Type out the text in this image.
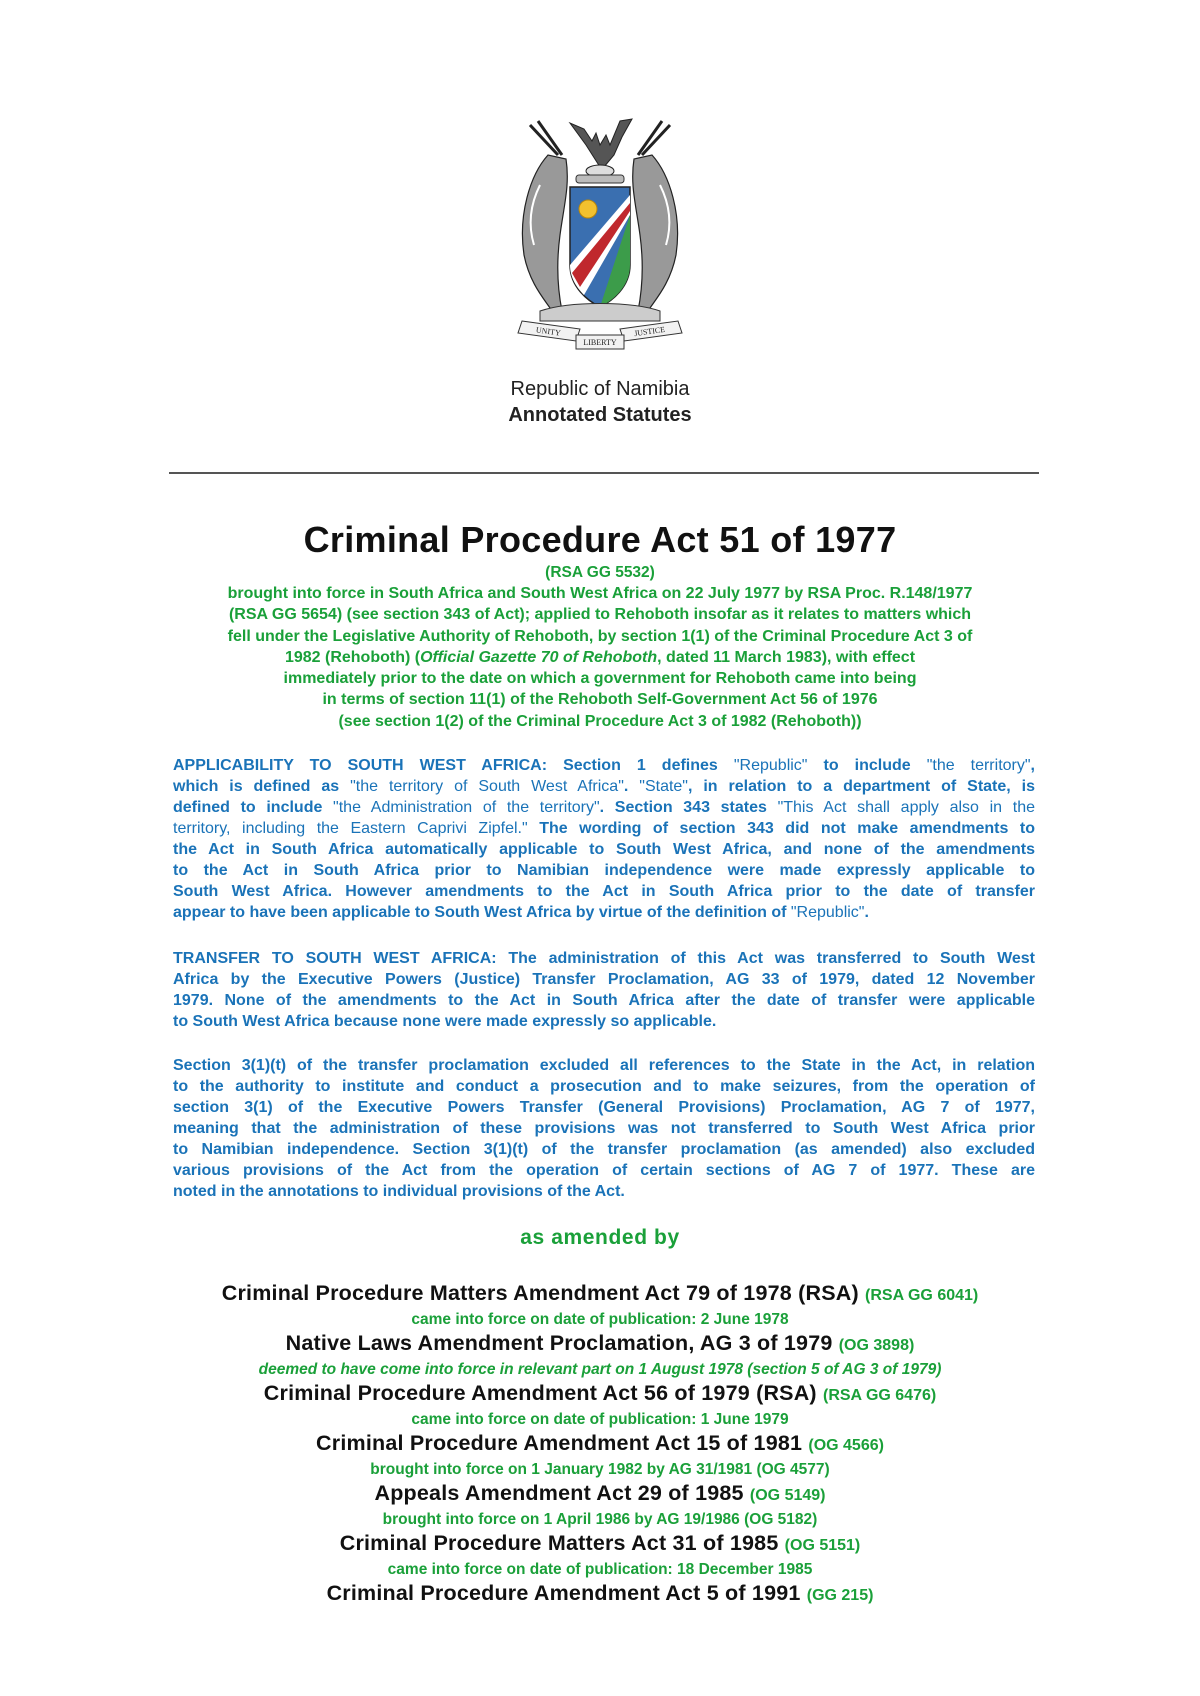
UNITY	JUSTICE
LIBERTY
Republic of Namibia
Annotated Statutes
Criminal Procedure Act 51 of 1977
(RSA GG 5532)
brought into force in South Africa and South West Africa on 22 July 1977 by RSA Proc. R.148/1977
(RSA GG 5654) (see section 343 of Act); applied to Rehoboth insofar as it relates to matters which
fell under the Legislative Authority of Rehoboth, by section 1(1) of the Criminal Procedure Act 3 of
1982 (Rehoboth) (Official Gazette 70 of Rehoboth, dated 11 March 1983), with effect
immediately prior to the date on which a government for Rehoboth came into being
in terms of section 11(1) of the Rehoboth Self-Government Act 56 of 1976
(see section 1(2) of the Criminal Procedure Act 3 of 1982 (Rehoboth))
APPLICABILITY TO SOUTH WEST AFRICA: Section 1 defines "Republic" to include "the territory",
which is defined as "the territory of South West Africa". "State", in relation to a department of State, is
defined to include "the Administration of the territory". Section 343 states "This Act shall apply also in the
territory, including the Eastern Caprivi Zipfel." The wording of section 343 did not make amendments to
the Act in South Africa automatically applicable to South West Africa, and none of the amendments
to the Act in South Africa prior to Namibian independence were made expressly applicable to
South West Africa. However amendments to the Act in South Africa prior to the date of transfer
appear to have been applicable to South West Africa by virtue of the definition of "Republic".
TRANSFER TO SOUTH WEST AFRICA: The administration of this Act was transferred to South West
Africa by the Executive Powers (Justice) Transfer Proclamation, AG 33 of 1979, dated 12 November
1979. None of the amendments to the Act in South Africa after the date of transfer were applicable
to South West Africa because none were made expressly so applicable.
Section 3(1)(t) of the transfer proclamation excluded all references to the State in the Act, in relation
to the authority to institute and conduct a prosecution and to make seizures, from the operation of
section 3(1) of the Executive Powers Transfer (General Provisions) Proclamation, AG 7 of 1977,
meaning that the administration of these provisions was not transferred to South West Africa prior
to Namibian independence. Section 3(1)(t) of the transfer proclamation (as amended) also excluded
various provisions of the Act from the operation of certain sections of AG 7 of 1977. These are
noted in the annotations to individual provisions of the Act.
as amended by
Criminal Procedure Matters Amendment Act 79 of 1978 (RSA) (RSA GG 6041)
came into force on date of publication: 2 June 1978
Native Laws Amendment Proclamation, AG 3 of 1979 (OG 3898)
deemed to have come into force in relevant part on 1 August 1978 (section 5 of AG 3 of 1979)
Criminal Procedure Amendment Act 56 of 1979 (RSA) (RSA GG 6476)
came into force on date of publication: 1 June 1979
Criminal Procedure Amendment Act 15 of 1981 (OG 4566)
brought into force on 1 January 1982 by AG 31/1981 (OG 4577)
Appeals Amendment Act 29 of 1985 (OG 5149)
brought into force on 1 April 1986 by AG 19/1986 (OG 5182)
Criminal Procedure Matters Act 31 of 1985 (OG 5151)
came into force on date of publication: 18 December 1985
Criminal Procedure Amendment Act 5 of 1991 (GG 215)
